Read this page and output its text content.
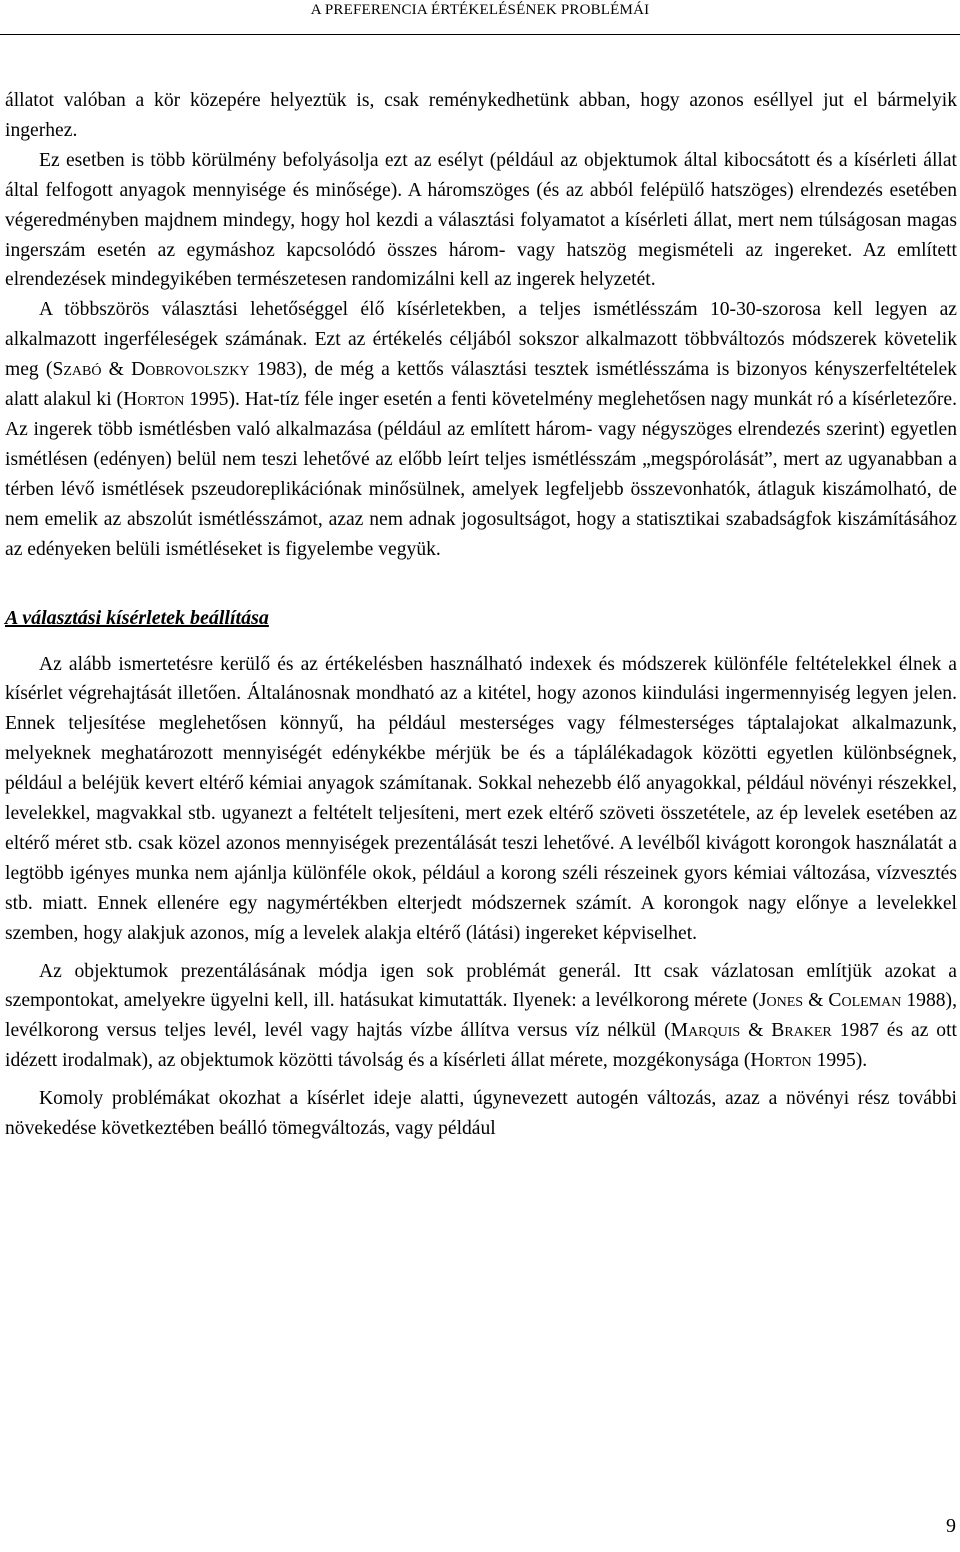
A PREFERENCIA ÉRTÉKELÉSÉNEK PROBLÉMÁI

állatot valóban a kör közepére helyeztük is, csak reménykedhetünk abban, hogy azonos eséllyel jut el bármelyik ingerhez.

Ez esetben is több körülmény befolyásolja ezt az esélyt (például az objektumok által kibocsátott és a kísérleti állat által felfogott anyagok mennyisége és minősége). A háromszöges (és az abból felépülő hatszöges) elrendezés esetében végeredményben majdnem mindegy, hogy hol kezdi a választási folyamatot a kísérleti állat, mert nem túlságosan magas ingerszám esetén az egymáshoz kapcsolódó összes három- vagy hatszög megismételi az ingereket. Az említett elrendezések mindegyikében természetesen randomizálni kell az ingerek helyzetét.

A többszörös választási lehetőséggel élő kísérletekben, a teljes ismétlésszám 10-30-szorosa kell legyen az alkalmazott ingerféleségek számának. Ezt az értékelés céljából sokszor alkalmazott többváltozós módszerek követelik meg (Szabó & Dobrovolszky 1983), de még a kettős választási tesztek ismétlésszáma is bizonyos kényszerfeltételek alatt alakul ki (Horton 1995). Hat-tíz féle inger esetén a fenti követelmény meglehetősen nagy munkát ró a kísérletezőre. Az ingerek több ismétlésben való alkalmazása (például az említett három- vagy négyszöges elrendezés szerint) egyetlen ismétlésen (edényen) belül nem teszi lehetővé az előbb leírt teljes ismétlésszám „megspórolását”, mert az ugyanabban a térben lévő ismétlések pszeudoreplikációnak minősülnek, amelyek legfeljebb összevonhatók, átlaguk kiszámolható, de nem emelik az abszolút ismétlésszámot, azaz nem adnak jogosultságot, hogy a statisztikai szabadságfok kiszámításához az edényeken belüli ismétléseket is figyelembe vegyük.

A választási kísérletek beállítása

Az alább ismertetésre kerülő és az értékelésben használható indexek és módszerek különféle feltételekkel élnek a kísérlet végrehajtását illetően. Általánosnak mondható az a kitétel, hogy azonos kiindulási ingermennyiség legyen jelen. Ennek teljesítése meglehetősen könnyű, ha például mesterséges vagy félmesterséges táptalajokat alkalmazunk, melyeknek meghatározott mennyiségét edénykékbe mérjük be és a táplálékadagok közötti egyetlen különbségnek, például a beléjük kevert eltérő kémiai anyagok számítanak. Sokkal nehezebb élő anyagokkal, például növényi részekkel, levelekkel, magvakkal stb. ugyanezt a feltételt teljesíteni, mert ezek eltérő szöveti összetétele, az ép levelek esetében az eltérő méret stb. csak közel azonos mennyiségek prezentálását teszi lehetővé. A levélből kivágott korongok használatát a legtöbb igényes munka nem ajánlja különféle okok, például a korong széli részeinek gyors kémiai változása, vízvesztés stb. miatt. Ennek ellenére egy nagymértékben elterjedt módszernek számít. A korongok nagy előnye a levelekkel szemben, hogy alakjuk azonos, míg a levelek alakja eltérő (látási) ingereket képviselhet.

Az objektumok prezentálásának módja igen sok problémát generál. Itt csak vázlatosan említjük azokat a szempontokat, amelyekre ügyelni kell, ill. hatásukat kimutatták. Ilyenek: a levélkorong mérete (Jones & Coleman 1988), levélkorong versus teljes levél, levél vagy hajtás vízbe állítva versus víz nélkül (Marquis & Braker 1987 és az ott idézett irodalmak), az objektumok közötti távolság és a kísérleti állat mérete, mozgékonysága (Horton 1995).

Komoly problémákat okozhat a kísérlet ideje alatti, úgynevezett autogén változás, azaz a növényi rész további növekedése következtében beálló tömegváltozás, vagy például

9
